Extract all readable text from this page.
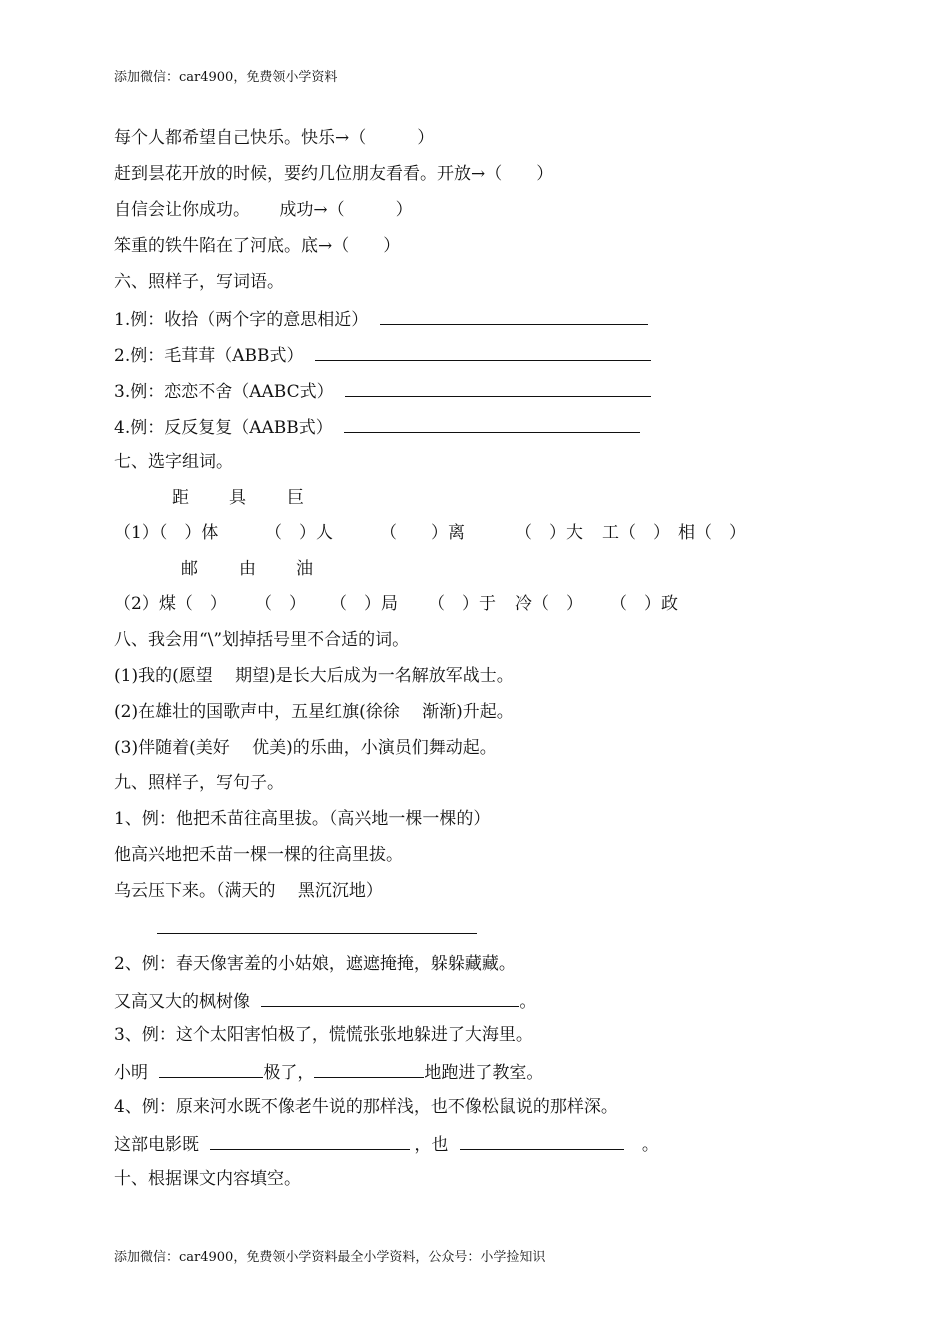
添加微信：car4900，免费领小学资料
每个人都希望自己快乐。快乐→（　　　）
赶到昙花开放的时候，要约几位朋友看看。开放→（　　）
自信会让你成功。 成功→（　　　）
笨重的铁牛陷在了河底。底→（　　）
六、照样子，写词语。
1.例：收拾（两个字的意思相近）
2.例：毛茸茸（ABB式）
3.例：恋恋不舍（AABC式）
4.例：反反复复（AABB式）
七、选字组词。
距 具 巨
（1）（　）体	（　）人	（　　）离	（　）大 工（　） 相（　）
邮 由 油
（2）煤（　） （　） （　）局 （　）于 冷（　） （　）政
八、我会用“\”划掉括号里不合适的词。
(1)我的(愿望　 期望)是长大后成为一名解放军战士。
(2)在雄壮的国歌声中，五星红旗(徐徐　 渐渐)升起。
(3)伴随着(美好　 优美)的乐曲，小演员们舞动起。
九、照样子，写句子。
1、例：他把禾苗往高里拔。（高兴地一棵一棵的）
他高兴地把禾苗一棵一棵的往高里拔。
乌云压下来。（满天的　 黑沉沉地）
2、例：春天像害羞的小姑娘，遮遮掩掩，躲躲藏藏。
又高又大的枫树像	。
3、例：这个太阳害怕极了，慌慌张张地躲进了大海里。
小明	极了，	地跑进了教室。
4、例：原来河水既不像老牛说的那样浅，也不像松鼠说的那样深。
这部电影既	，也	。
十、根据课文内容填空。
添加微信：car4900，免费领小学资料最全小学资料，公众号：小学捡知识
